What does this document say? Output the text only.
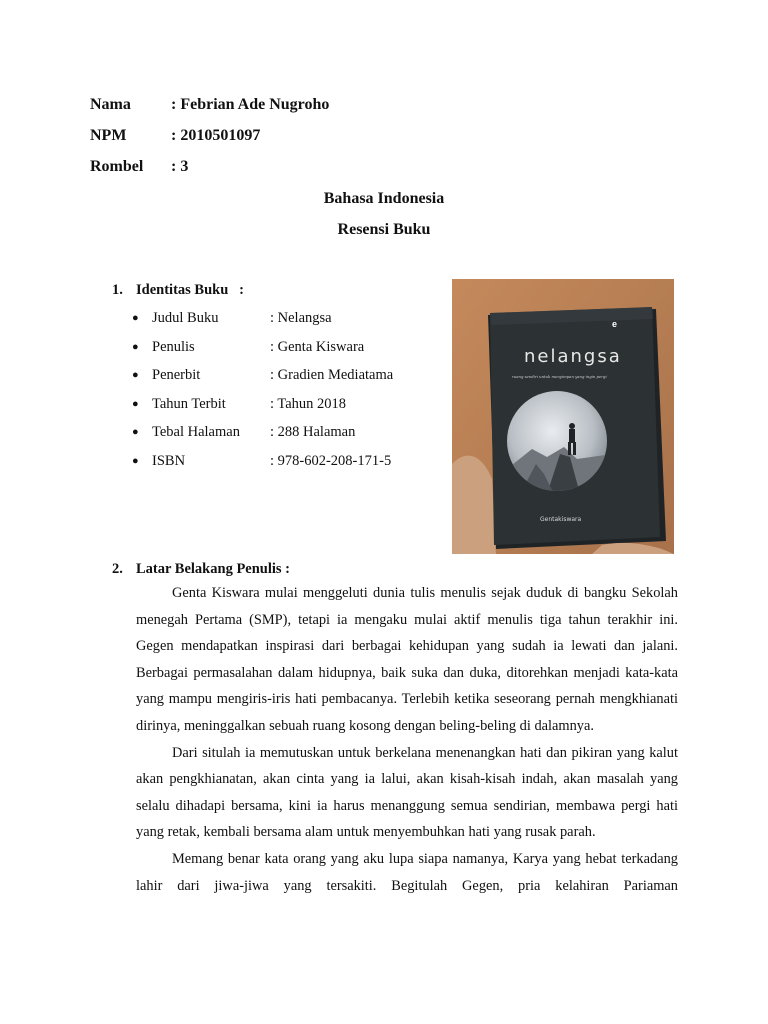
Nama	: Febrian Ade Nugroho
NPM	: 2010501097
Rombel : 3
Bahasa Indonesia
Resensi Buku
1. Identitas Buku   :
● Judul Buku	: Nelangsa
● Penulis	: Genta Kiswara
● Penerbit	: Gradien Mediatama
● Tahun Terbit	: Tahun 2018
● Tebal Halaman : 288 Halaman
● ISBN	: 978-602-208-171-5
e
nelangsa
ruang sendiri untuk menyimpan yang ingin pergi
Gentakiswara
2. Latar Belakang Penulis :

Genta Kiswara mulai menggeluti dunia tulis menulis sejak duduk di bangku Sekolah menegah Pertama (SMP), tetapi ia mengaku mulai aktif menulis tiga tahun terakhir ini. Gegen mendapatkan inspirasi dari berbagai kehidupan yang sudah ia lewati dan jalani. Berbagai permasalahan dalam hidupnya, baik suka dan duka, ditorehkan menjadi kata-kata yang mampu mengiris-iris hati pembacanya. Terlebih ketika seseorang pernah mengkhianati dirinya, meninggalkan sebuah ruang kosong dengan beling-beling di dalamnya.

Dari situlah ia memutuskan untuk berkelana menenangkan hati dan pikiran yang kalut akan pengkhianatan, akan cinta yang ia lalui, akan kisah-kisah indah, akan masalah yang selalu dihadapi bersama, kini ia harus menanggung semua sendirian, membawa pergi hati yang retak, kembali bersama alam untuk menyembuhkan hati yang rusak parah.

Memang benar kata orang yang aku lupa siapa namanya, Karya yang hebat terkadang lahir dari jiwa-jiwa yang tersakiti. Begitulah Gegen, pria kelahiran Pariaman
